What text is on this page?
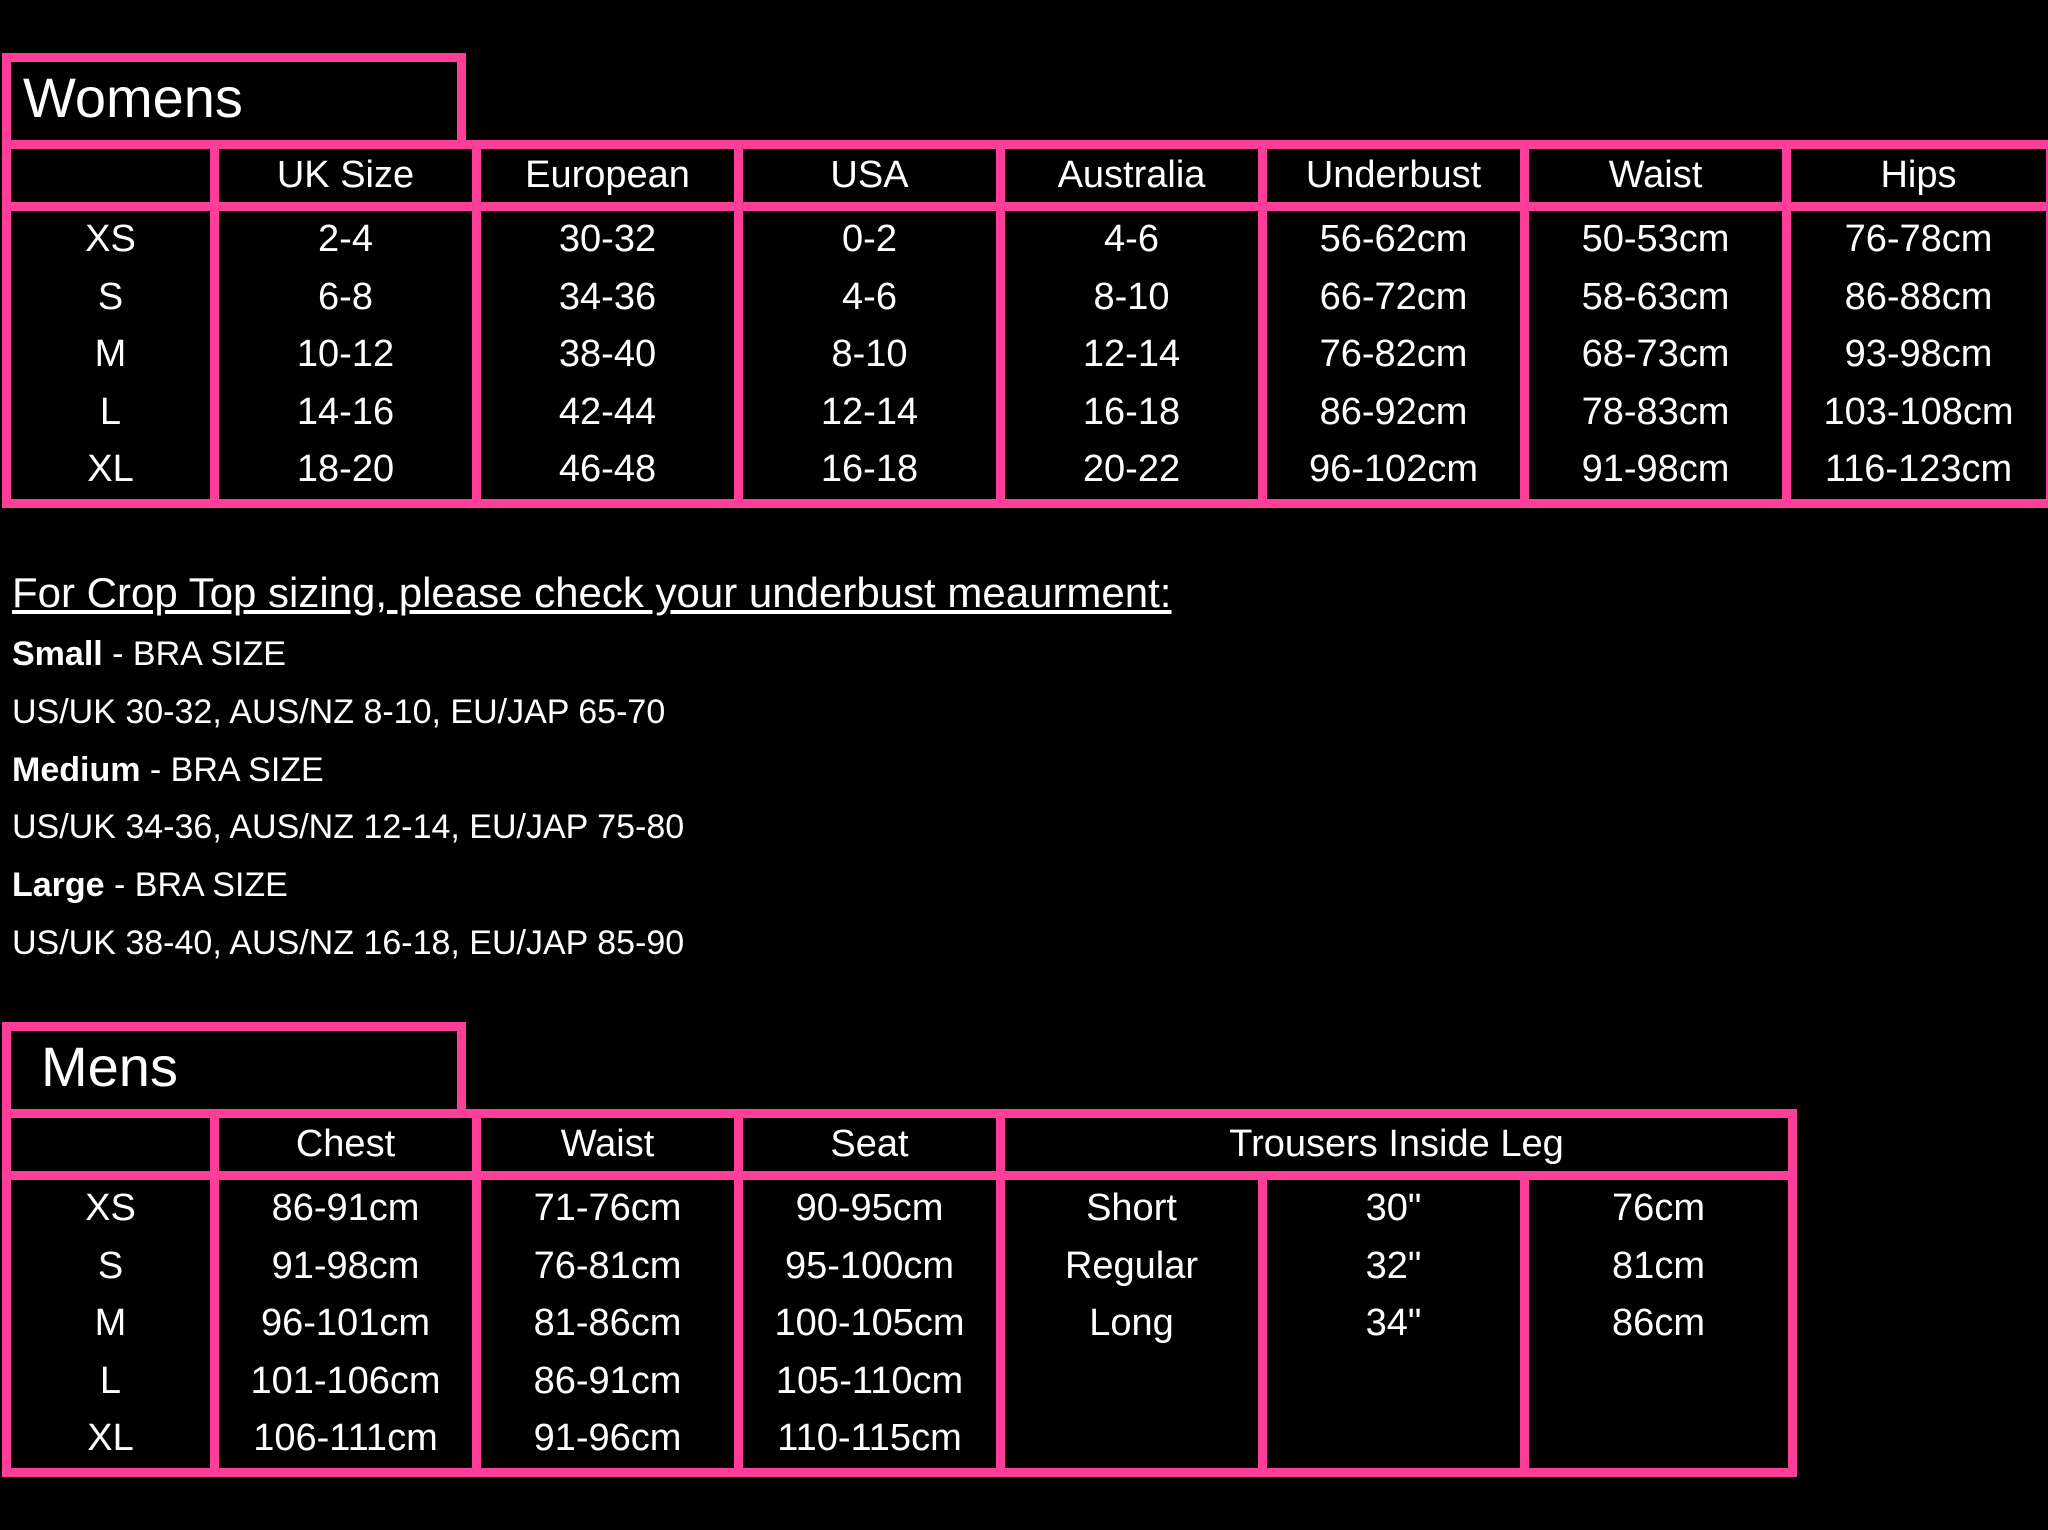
Womens
	UK Size	European	USA	Australia	Underbust	Waist	Hips
XS	2-4	30-32	0-2	4-6	56-62cm	50-53cm	76-78cm
S	6-8	34-36	4-6	8-10	66-72cm	58-63cm	86-88cm
M	10-12	38-40	8-10	12-14	76-82cm	68-73cm	93-98cm
L	14-16	42-44	12-14	16-18	86-92cm	78-83cm	103-108cm
XL	18-20	46-48	16-18	20-22	96-102cm	91-98cm	116-123cm
For Crop Top sizing, please check your underbust meaurment:
Small - BRA SIZE
US/UK 30-32, AUS/NZ 8-10, EU/JAP 65-70
Medium - BRA SIZE
US/UK 34-36, AUS/NZ 12-14, EU/JAP 75-80
Large - BRA SIZE
US/UK 38-40, AUS/NZ 16-18, EU/JAP 85-90
Mens
	Chest	Waist	Seat	Trousers Inside Leg		
XS	86-91cm	71-76cm	90-95cm	Short	30"	76cm
S	91-98cm	76-81cm	95-100cm	Regular	32"	81cm
M	96-101cm	81-86cm	100-105cm	Long	34"	86cm
L	101-106cm	86-91cm	105-110cm			
XL	106-111cm	91-96cm	110-115cm			
